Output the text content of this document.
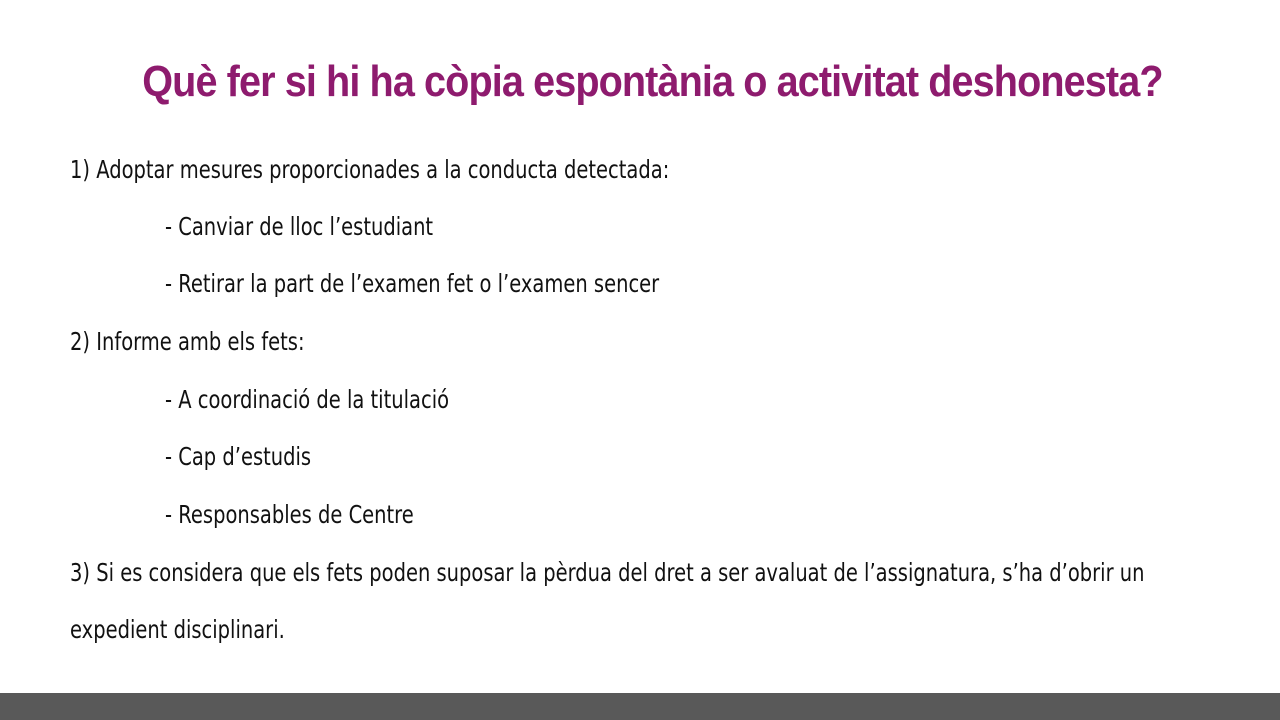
Què fer si hi ha còpia espontània o activitat deshonesta?

1) Adoptar mesures proporcionades a la conducta detectada:

- Canviar de lloc l’estudiant

- Retirar la part de l’examen fet o l’examen sencer

2) Informe amb els fets:

- A coordinació de la titulació

- Cap d’estudis

- Responsables de Centre

3) Si es considera que els fets poden suposar la pèrdua del dret a ser avaluat de l’assignatura, s’ha d’obrir un

expedient disciplinari.
